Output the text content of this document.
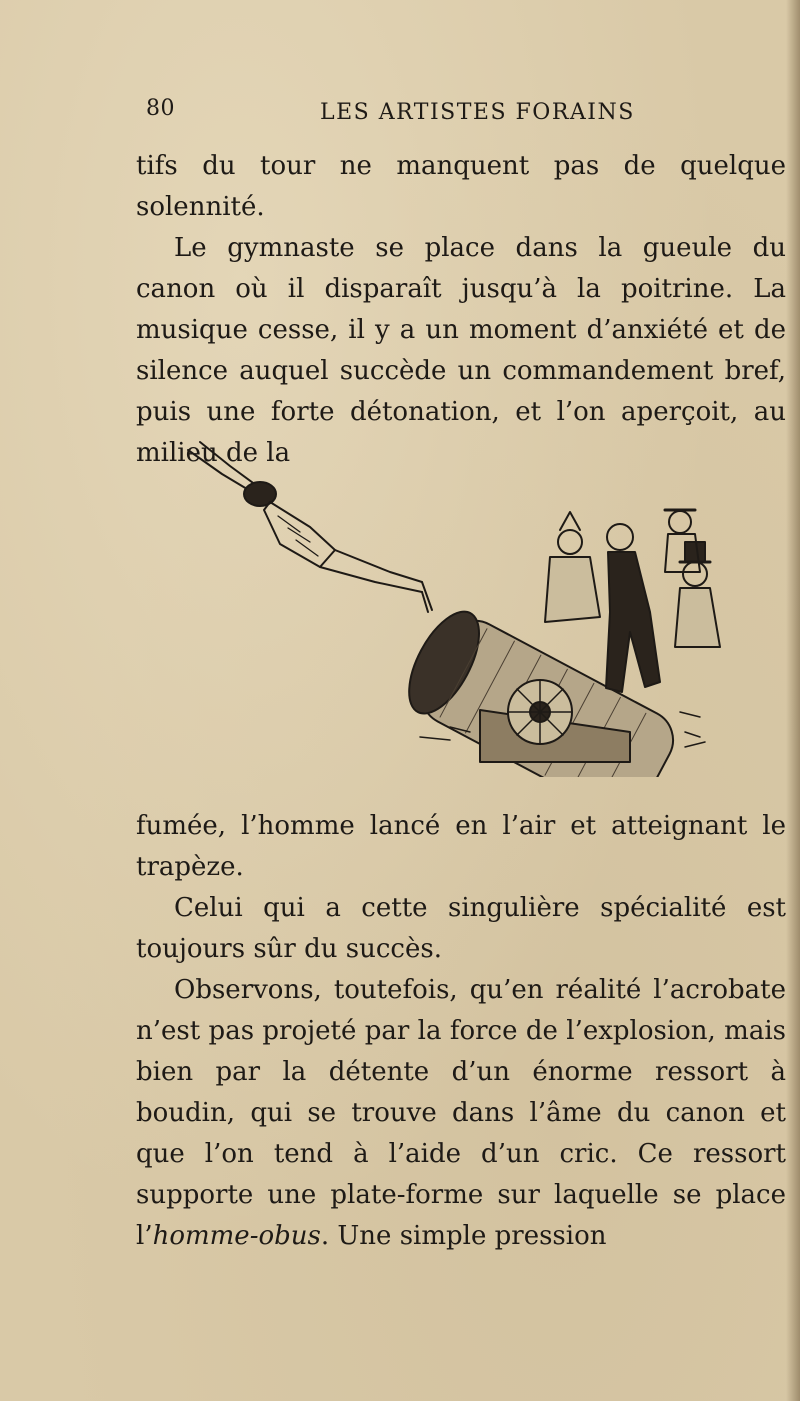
80	LES ARTISTES FORAINS

tifs du tour ne manquent pas de quelque solennité.

Le gymnaste se place dans la gueule du canon où il disparaît jusqu’à la poitrine. La musique cesse, il y a un moment d’anxiété et de silence auquel succède un commandement bref, puis une forte détonation, et l’on aperçoit, au milieu de la

fumée, l’homme lancé en l’air et atteignant le trapèze.

Celui qui a cette singulière spécialité est toujours sûr du succès.

Observons, toutefois, qu’en réalité l’acrobate n’est pas projeté par la force de l’explosion, mais bien par la détente d’un énorme ressort à boudin, qui se trouve dans l’âme du canon et que l’on tend à l’aide d’un cric. Ce ressort supporte une plate-forme sur laquelle se place l’homme-obus. Une simple pression
